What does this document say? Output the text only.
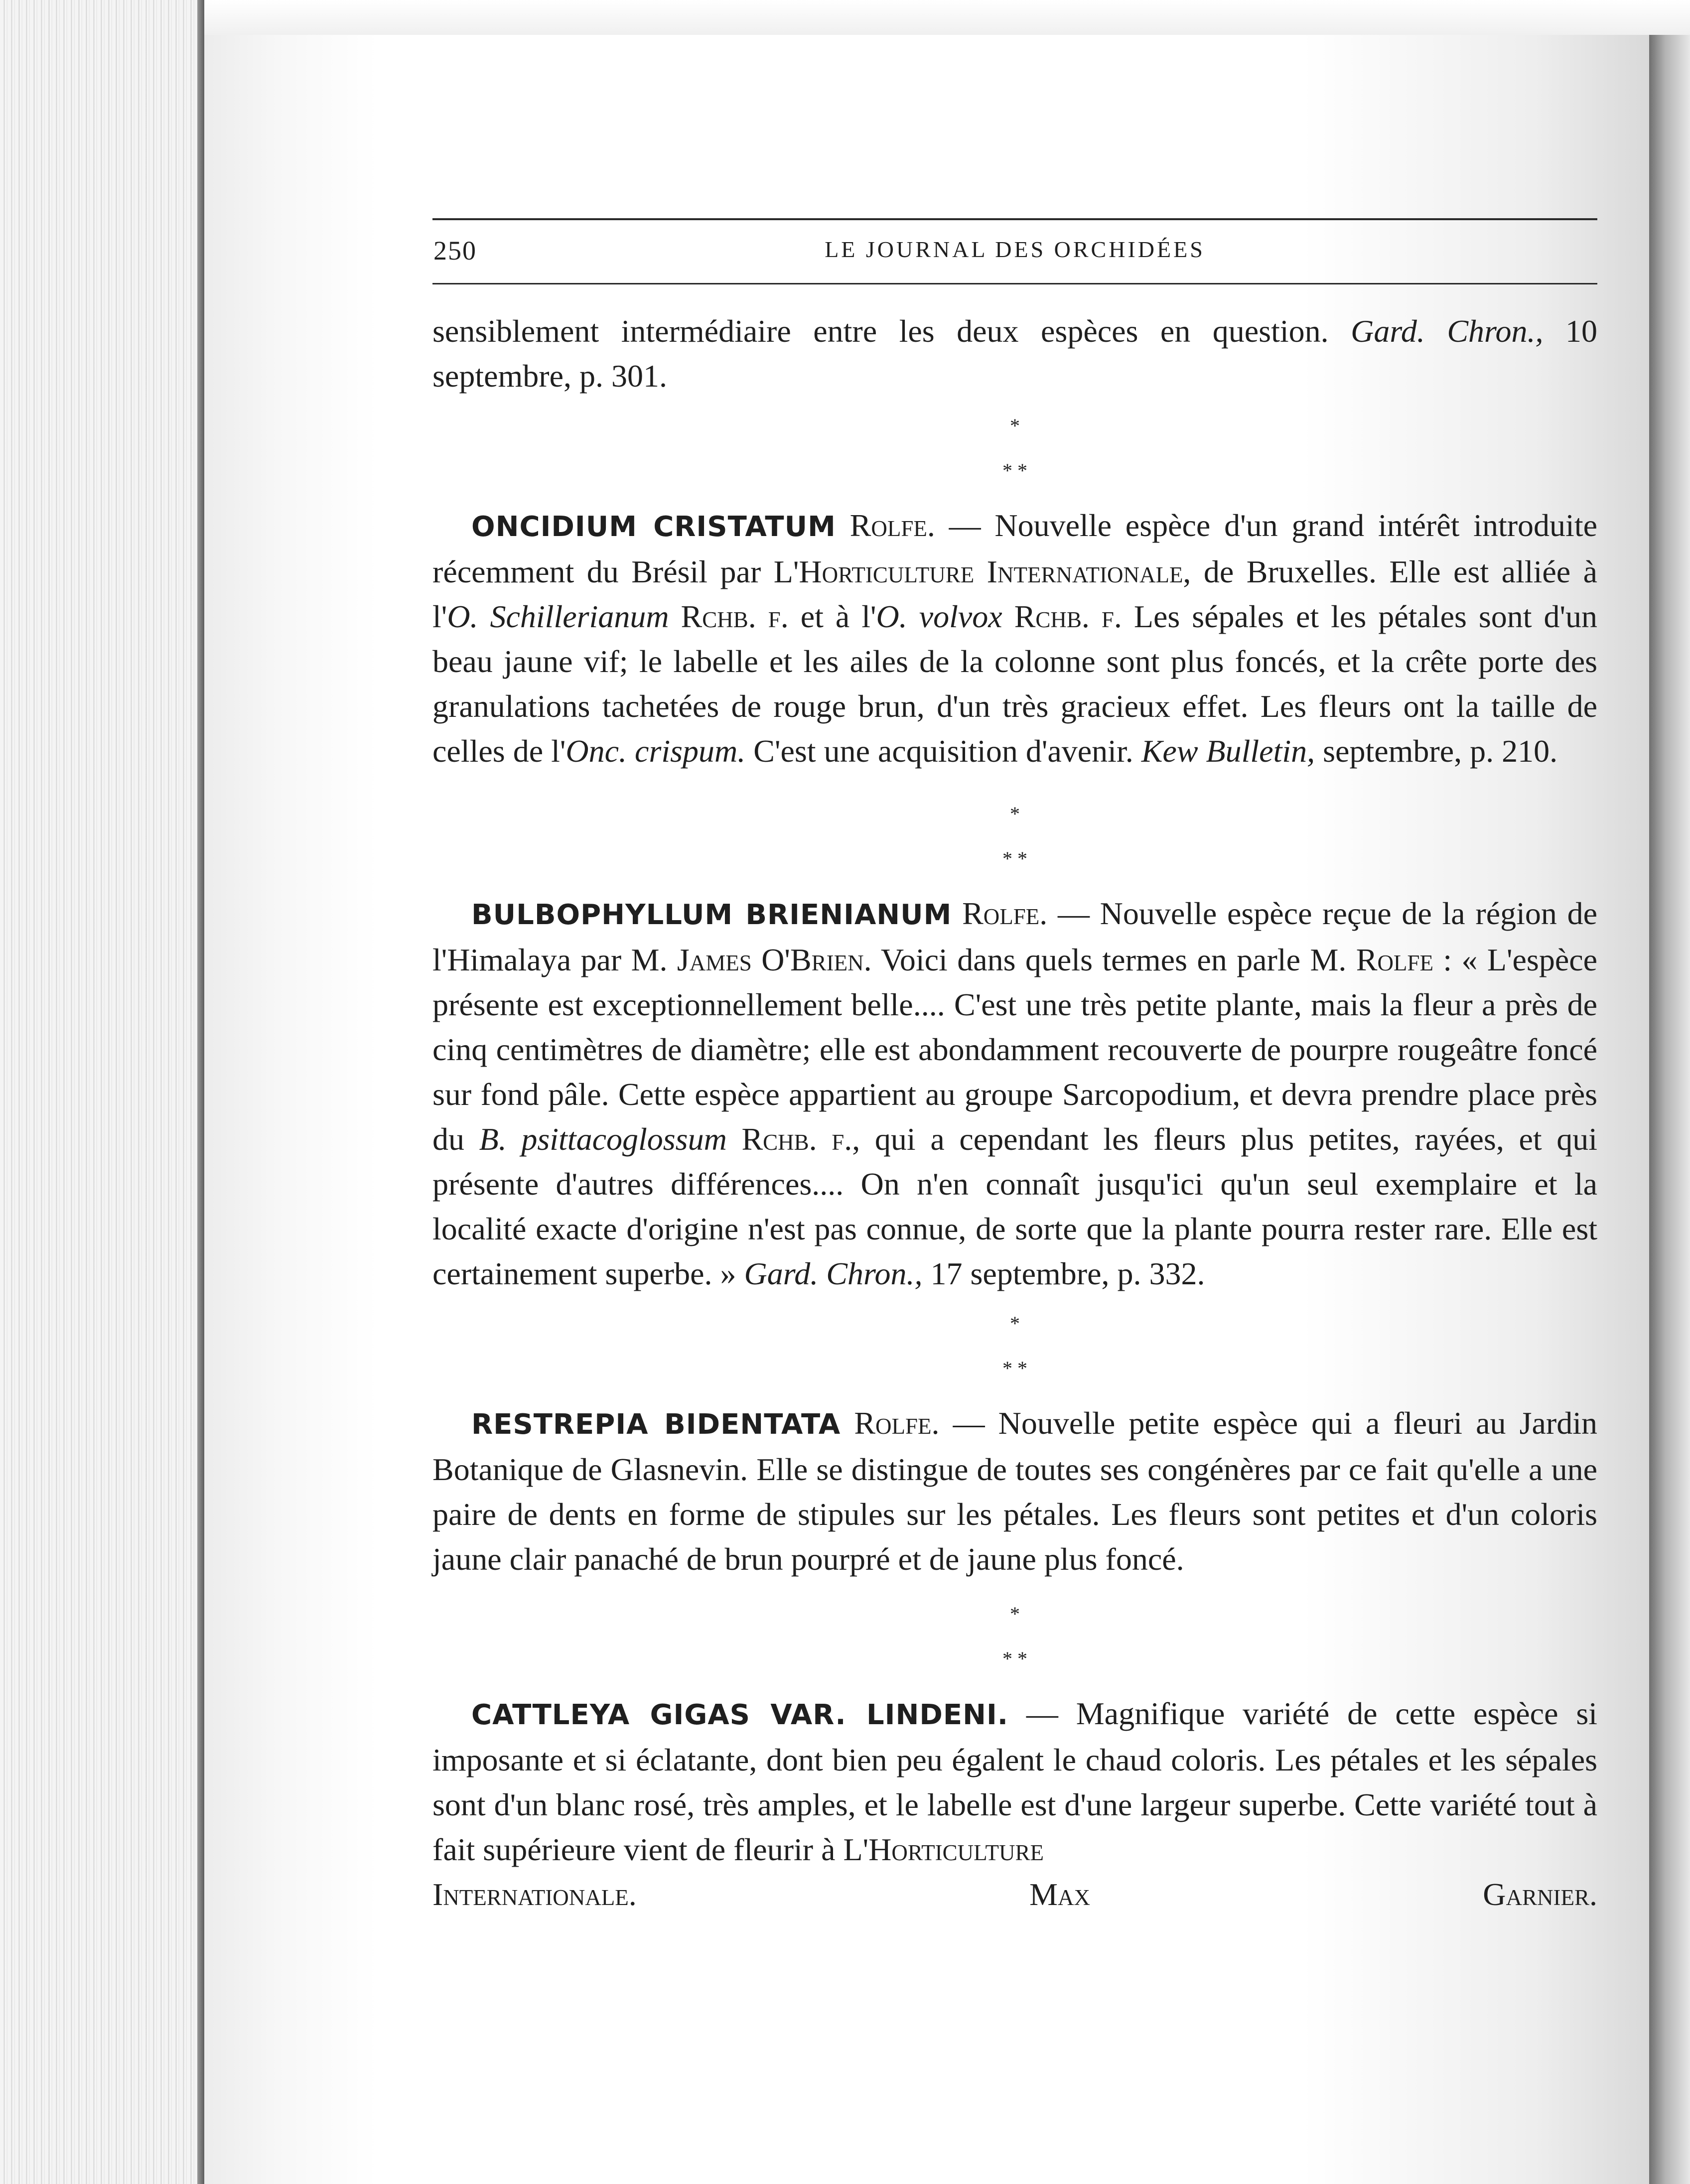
250	LE JOURNAL DES ORCHIDÉES

sensiblement intermédiaire entre les deux espèces en question. Gard. Chron., 10 septembre, p. 301.

*
* *

ONCIDIUM CRISTATUM Rolfe. — Nouvelle espèce d'un grand intérêt introduite récemment du Brésil par L'Horticulture Internationale, de Bruxelles. Elle est alliée à l'O. Schillerianum Rchb. f. et à l'O. volvox Rchb. f. Les sépales et les pétales sont d'un beau jaune vif; le labelle et les ailes de la colonne sont plus foncés, et la crête porte des granulations tachetées de rouge brun, d'un très gracieux effet. Les fleurs ont la taille de celles de l'Onc. crispum. C'est une acquisition d'avenir. Kew Bulletin, septembre, p. 210.

*
* *

BULBOPHYLLUM BRIENIANUM Rolfe. — Nouvelle espèce reçue de la région de l'Himalaya par M. James O'Brien. Voici dans quels termes en parle M. Rolfe : « L'espèce présente est exceptionnellement belle.... C'est une très petite plante, mais la fleur a près de cinq centimètres de diamètre; elle est abondamment recouverte de pourpre rougeâtre foncé sur fond pâle. Cette espèce appartient au groupe Sarcopodium, et devra prendre place près du B. psittacoglossum Rchb. f., qui a cependant les fleurs plus petites, rayées, et qui présente d'autres différences.... On n'en connaît jusqu'ici qu'un seul exemplaire et la localité exacte d'origine n'est pas connue, de sorte que la plante pourra rester rare. Elle est certainement superbe. » Gard. Chron., 17 septembre, p. 332.

*
* *

RESTREPIA BIDENTATA Rolfe. — Nouvelle petite espèce qui a fleuri au Jardin Botanique de Glasnevin. Elle se distingue de toutes ses congénères par ce fait qu'elle a une paire de dents en forme de stipules sur les pétales. Les fleurs sont petites et d'un coloris jaune clair panaché de brun pourpré et de jaune plus foncé.

*
* *

CATTLEYA GIGAS VAR. LINDENI. — Magnifique variété de cette espèce si imposante et si éclatante, dont bien peu égalent le chaud coloris. Les pétales et les sépales sont d'un blanc rosé, très amples, et le labelle est d'une largeur superbe. Cette variété tout à fait supérieure vient de fleurir à L'Horticulture

Internationale.	Max Garnier.
